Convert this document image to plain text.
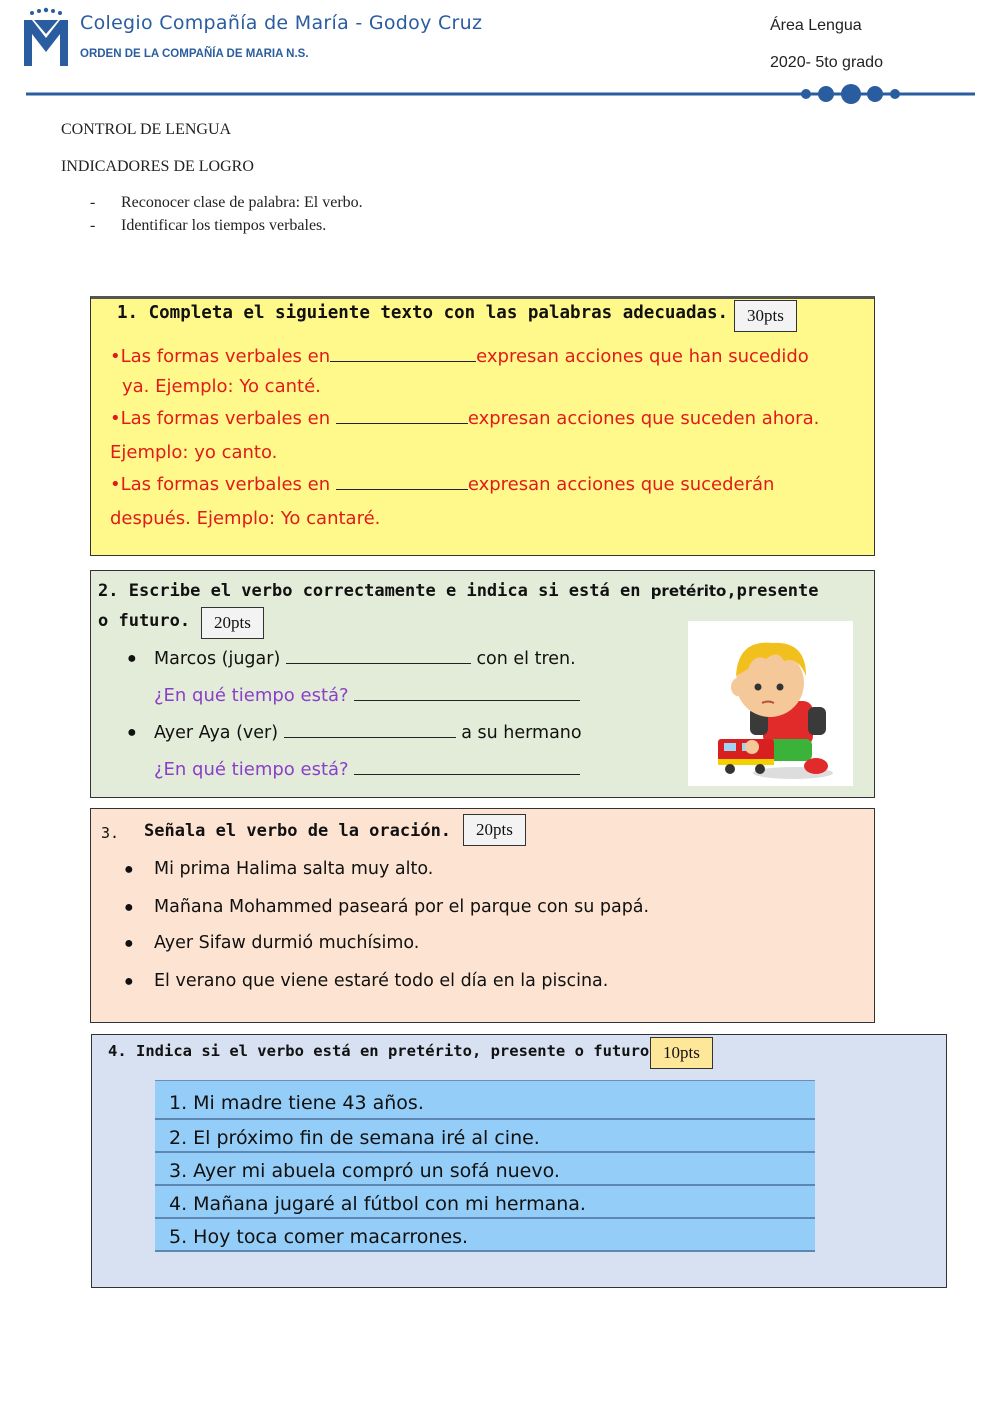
Colegio Compañía de María - Godoy Cruz
ORDEN DE LA COMPAÑÍA DE MARIA N.S.
Área Lengua
2020- 5to grado
CONTROL DE LENGUA
INDICADORES DE LOGRO
- Reconocer clase de palabra: El verbo.
- Identificar los tiempos verbales.
1. Completa el siguiente texto con las palabras adecuadas.	30pts
•Las formas verbales en	expresan acciones que han sucedido
ya. Ejemplo: Yo canté.
•Las formas verbales en	expresan acciones que suceden ahora.
Ejemplo: yo canto.
•Las formas verbales en	expresan acciones que sucederán
después. Ejemplo: Yo cantaré.
2. Escribe el verbo correctamente e indica si está en pretérito,presente
o futuro.	20pts
● Marcos (jugar)	con el tren.
¿En qué tiempo está?
● Ayer Aya (ver)	a su hermano
¿En qué tiempo está?
3. Señala el verbo de la oración.	20pts
● Mi prima Halima salta muy alto.
● Mañana Mohammed paseará por el parque con su papá.
● Ayer Sifaw durmió muchísimo.
● El verano que viene estaré todo el día en la piscina.
4. Indica si el verbo está en pretérito, presente o futuro 10pts
1. Mi madre tiene 43 años.
2. El próximo fin de semana iré al cine.
3. Ayer mi abuela compró un sofá nuevo.
4. Mañana jugaré al fútbol con mi hermana.
5. Hoy toca comer macarrones.
